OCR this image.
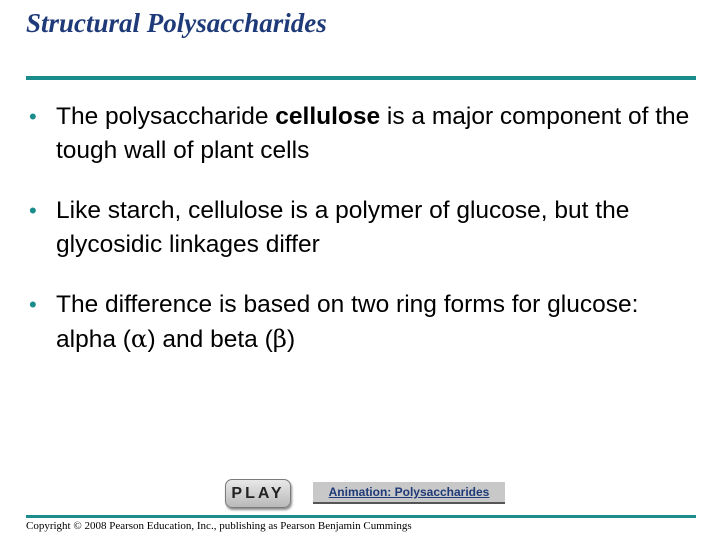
Structural Polysaccharides
• The polysaccharide cellulose is a major component of the tough wall of plant cells
• Like starch, cellulose is a polymer of glucose, but the glycosidic linkages differ
• The difference is based on two ring forms for glucose: alpha (α) and beta (β)
PLAY	Animation: Polysaccharides
Copyright © 2008 Pearson Education, Inc., publishing as Pearson Benjamin Cummings
